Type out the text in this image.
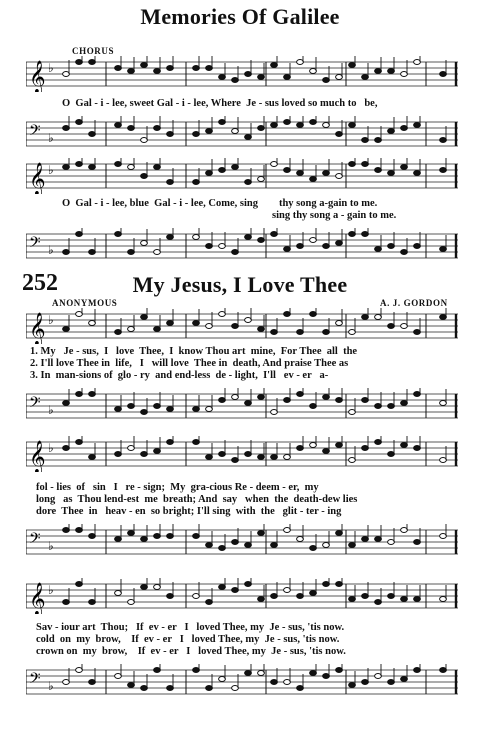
Memories Of Galilee
CHORUS
𝄞 ♭
O  Gal - i - lee, sweet Gal - i - lee, Where  Je - sus loved so much to   be,
𝄢 ♭
𝄞 ♭
O  Gal - i - lee, blue  Gal - i - lee, Come, sing        thy song a-gain to me.
sing thy song a - gain to me.
𝄢 ♭
252	My Jesus, I Love Thee
ANONYMOUS	A. J. GORDON
𝄞 ♭
1. My   Je - sus,  I   love  Thee,  I  know Thou art  mine,  For Thee  all  the
2. I'll love Thee in  life,   I   will love  Thee in  death, And praise Thee as
3. In  man-sions of  glo - ry  and end-less  de - light,  I'll   ev - er   a-
𝄢 ♭
𝄞 ♭
fol - lies  of   sin   I   re - sign;  My  gra-cious Re - deem - er,  my
long   as  Thou lend-est  me  breath; And  say   when  the  death-dew lies
dore  Thee  in   heav - en  so bright; I'll sing  with  the   glit - ter - ing
𝄢 ♭
𝄞 ♭
Sav - iour art  Thou;   If  ev - er   I   loved Thee, my  Je - sus, 'tis now.
cold  on  my  brow,    If  ev - er   I   loved Thee, my  Je - sus, 'tis now.
crown on  my  brow,    If  ev - er   I   loved Thee, my  Je - sus, 'tis now.
𝄢 ♭
